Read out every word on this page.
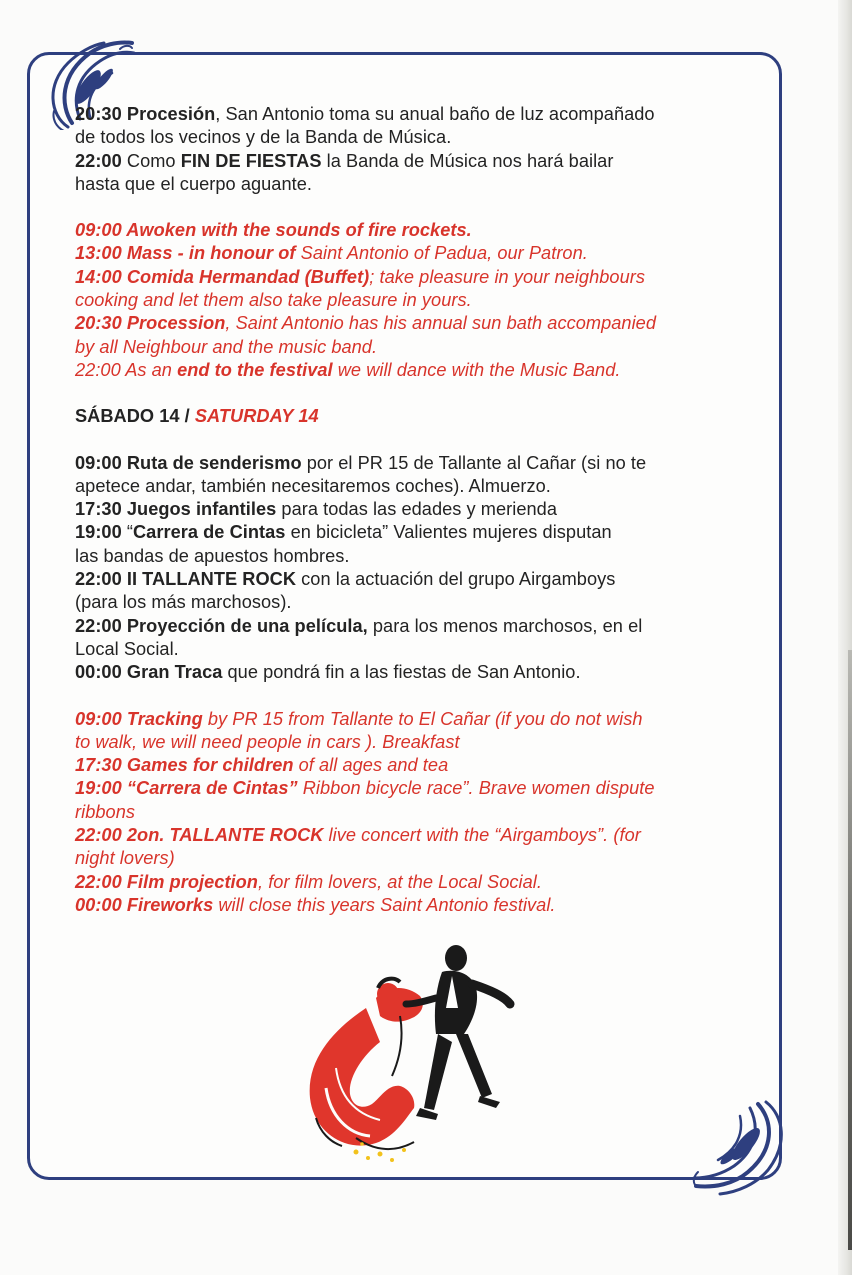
20:30 Procesión, San Antonio toma su anual baño de luz acompañado

de todos los vecinos y de la Banda de Música.

22:00 Como FIN DE FIESTAS la Banda de Música nos hará bailar

hasta que el cuerpo aguante.

09:00 Awoken with the sounds of fire rockets.

13:00 Mass - in honour of Saint Antonio of Padua, our Patron.

14:00 Comida Hermandad (Buffet); take pleasure in your neighbours

cooking and let them also take pleasure in yours.

20:30 Procession, Saint Antonio has his annual sun bath accompanied

by all Neighbour and the music band.

22:00 As an end to the festival we will dance with the Music Band.

SÁBADO 14 / SATURDAY 14

09:00 Ruta de senderismo por el PR 15 de Tallante al Cañar (si no te

apetece andar, también necesitaremos coches). Almuerzo.

17:30 Juegos infantiles para todas las edades y merienda

19:00 “Carrera de Cintas en bicicleta” Valientes mujeres disputan

las bandas de apuestos hombres.

22:00 II TALLANTE ROCK con la actuación del grupo Airgamboys

(para los más marchosos).

22:00 Proyección de una película, para los menos marchosos, en el

Local Social.

00:00 Gran Traca que pondrá fin a las fiestas de San Antonio.

09:00 Tracking by PR 15 from Tallante to El Cañar (if you do not wish

to walk, we will need people in cars ). Breakfast

17:30 Games for children of all ages and tea

19:00 “Carrera de Cintas” Ribbon bicycle race”. Brave women dispute

ribbons

22:00 2on. TALLANTE ROCK live concert with the “Airgamboys”. (for

night lovers)

22:00 Film projection, for film lovers, at the Local Social.

00:00 Fireworks will close this years Saint Antonio festival.
